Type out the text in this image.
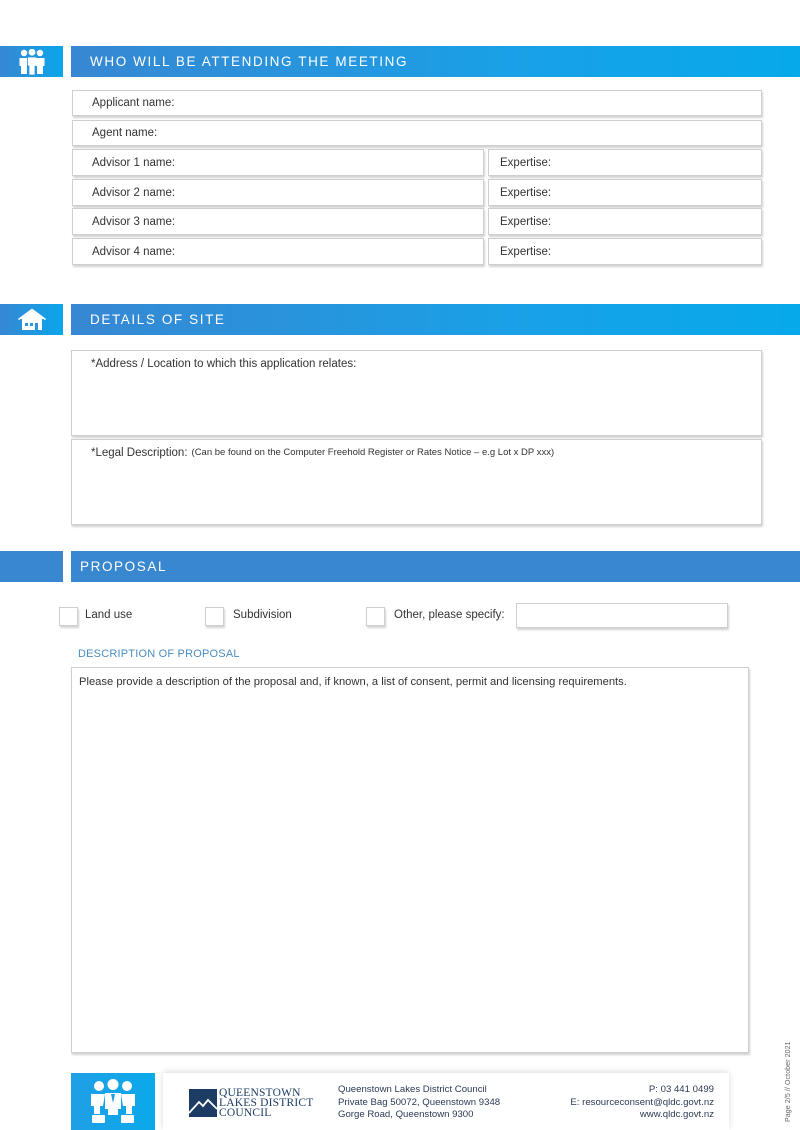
WHO WILL BE ATTENDING THE MEETING
Applicant name:
Agent name:
Advisor 1 name:	Expertise:
Advisor 2 name:	Expertise:
Advisor 3 name:	Expertise:
Advisor 4 name:	Expertise:
DETAILS OF SITE
*Address / Location to which this application relates:
*Legal Description: (Can be found on the Computer Freehold Register or Rates Notice – e.g Lot x DP xxx)
PROPOSAL
Land use	Subdivision	Other, please specify:
DESCRIPTION OF PROPOSAL
Please provide a description of the proposal and, if known, a list of consent, permit and licensing requirements.
QUEENSTOWN
LAKES DISTRICT
COUNCIL
Queenstown Lakes District Council
Private Bag 50072, Queenstown 9348
Gorge Road, Queenstown 9300
P: 03 441 0499
E: resourceconsent@qldc.govt.nz
www.qldc.govt.nz	Page 2/5 // October 2021
